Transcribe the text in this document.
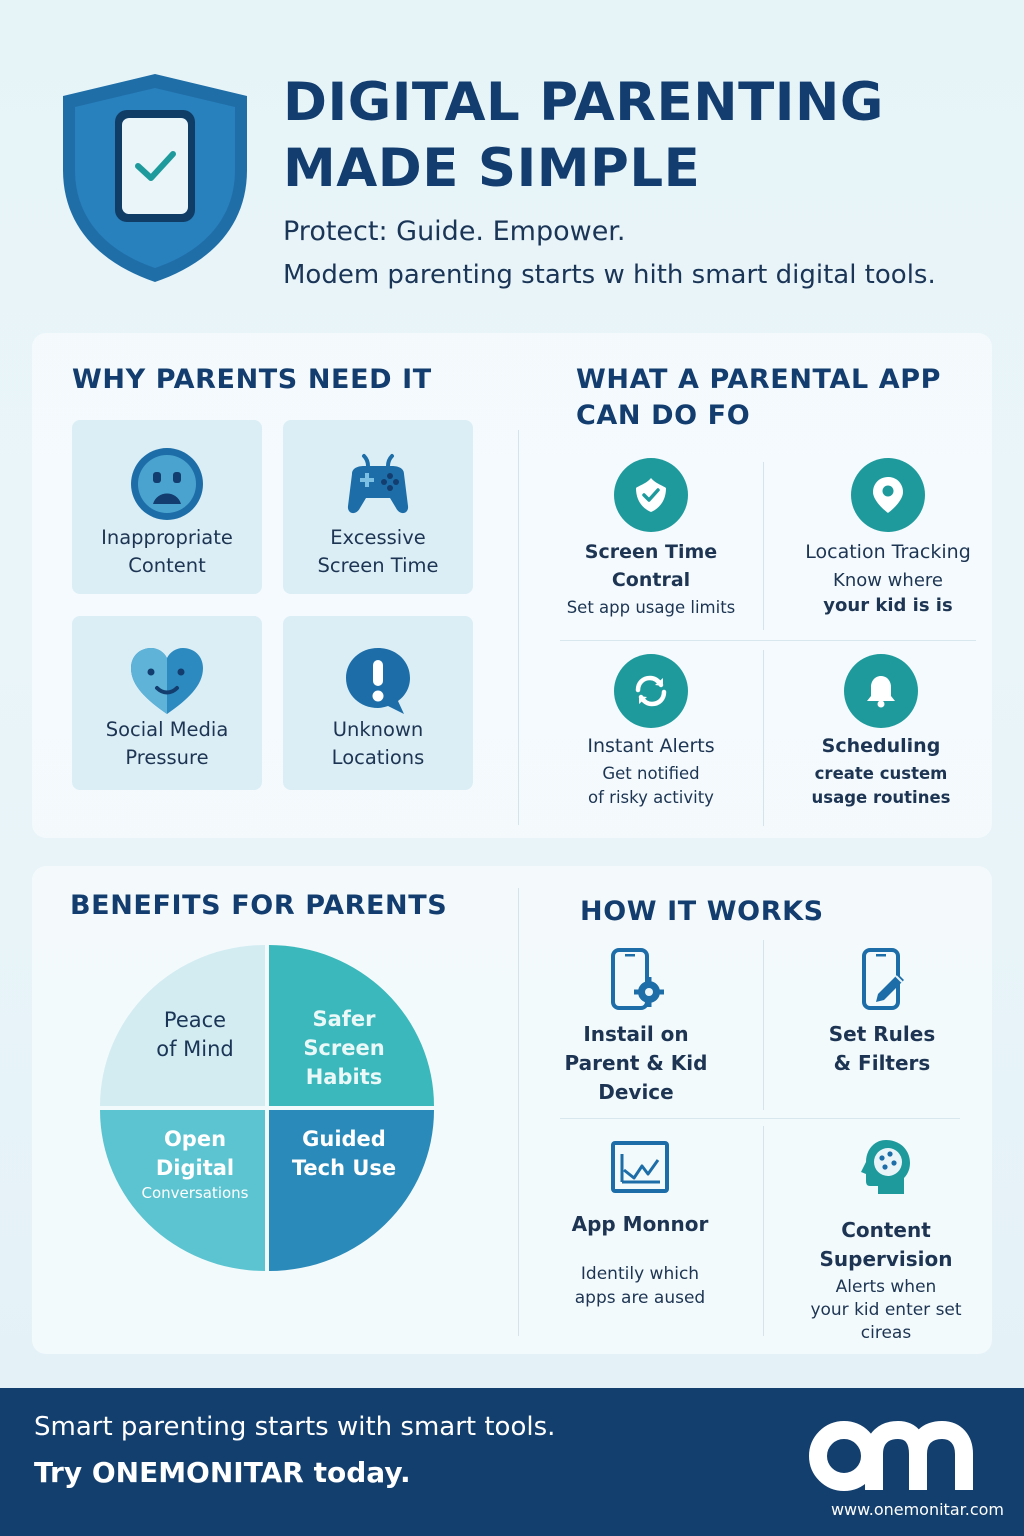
DIGITAL PARENTING
MADE SIMPLE
Protect: Guide. Empower.
Modem parenting starts w hith smart digital tools.
WHY PARENTS NEED IT
Inappropriate
Content
Excessive
Screen Time
Social Media
Pressure
Unknown
Locations
WHAT A PARENTAL APP
CAN DO FO
Screen Time
Contral
Set app usage limits
Location Tracking
Know where
your kid is is
Instant Alerts
Get notified
of risky activity
Scheduling
create custem
usage routines
BENEFITS FOR PARENTS
Peace
of Mind
Safer
Screen
Habits
Open
Digital
Conversations
Guided
Tech Use
HOW IT WORKS
Instail on
Parent & Kid
Device
Set Rules
& Filters
App Monnor
Identily which
apps are aused
Content
Supervision
Alerts when
your kid enter set
cireas
Smart parenting starts with smart tools.
Try ONEMONITAR today.
www.onemonitar.com
